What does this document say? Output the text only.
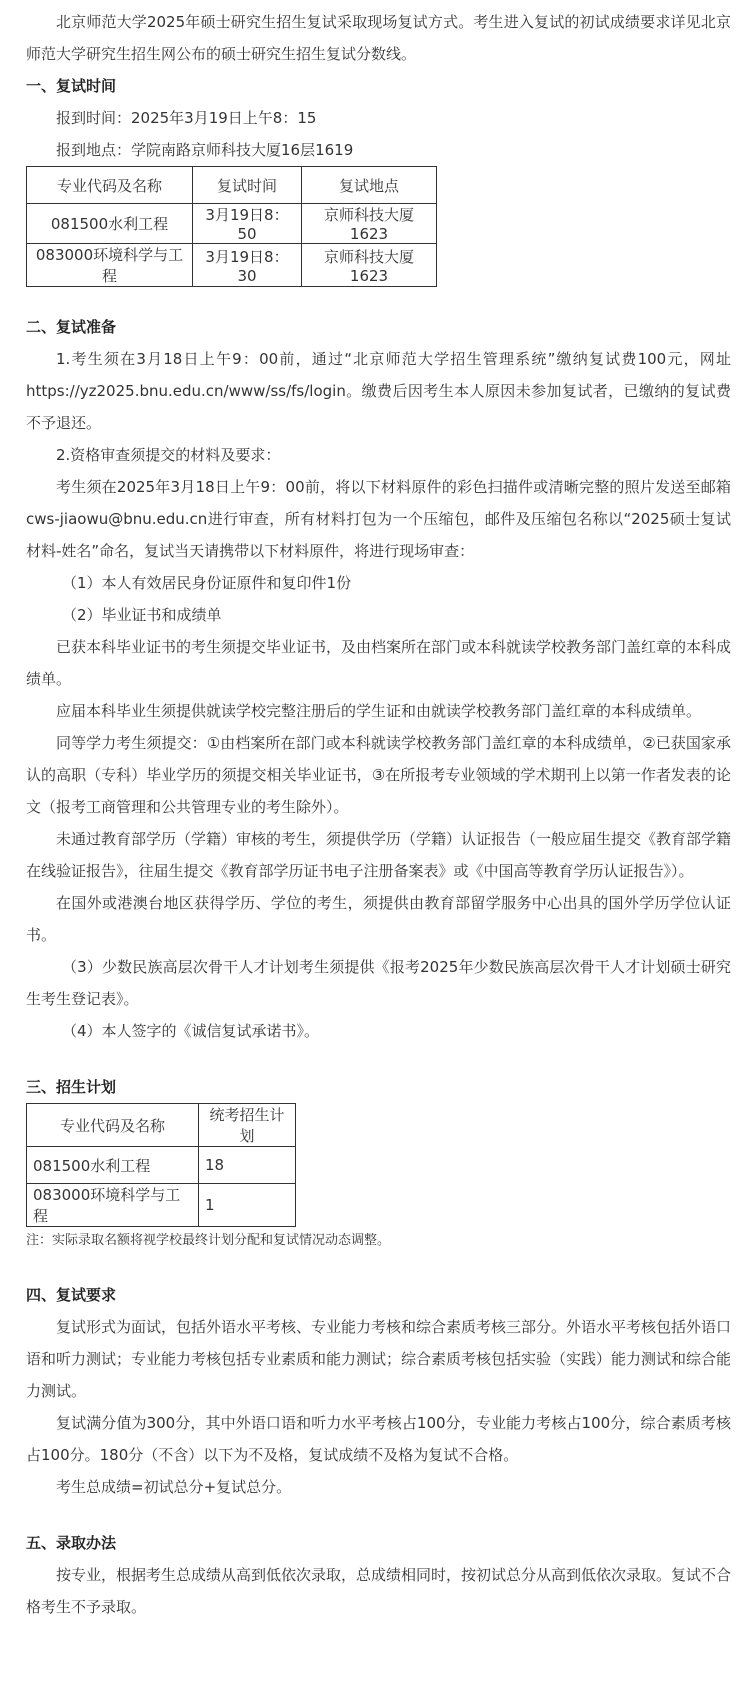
北京师范大学2025年硕士研究生招生复试采取现场复试方式。考生进入复试的初试成绩要求详见北京师范大学研究生招生网公布的硕士研究生招生复试分数线。

一、复试时间

报到时间：2025年3月19日上午8：15

报到地点：学院南路京师科技大厦16层1619

专业代码及名称	复试时间	复试地点
081500水利工程	3月19日8：50	京师科技大厦1623
083000环境科学与工程	3月19日8：30	京师科技大厦1623

二、复试准备

1.考生须在3月18日上午9：00前，通过“北京师范大学招生管理系统”缴纳复试费100元，网址https://yz2025.bnu.edu.cn/www/ss/fs/login。缴费后因考生本人原因未参加复试者，已缴纳的复试费不予退还。

2.资格审查须提交的材料及要求：

考生须在2025年3月18日上午9：00前，将以下材料原件的彩色扫描件或清晰完整的照片发送至邮箱cws-jiaowu@bnu.edu.cn进行审查，所有材料打包为一个压缩包，邮件及压缩包名称以“2025硕士复试材料-姓名”命名，复试当天请携带以下材料原件，将进行现场审查：

（1）本人有效居民身份证原件和复印件1份

（2）毕业证书和成绩单

已获本科毕业证书的考生须提交毕业证书，及由档案所在部门或本科就读学校教务部门盖红章的本科成绩单。

应届本科毕业生须提供就读学校完整注册后的学生证和由就读学校教务部门盖红章的本科成绩单。

同等学力考生须提交：①由档案所在部门或本科就读学校教务部门盖红章的本科成绩单，②已获国家承认的高职（专科）毕业学历的须提交相关毕业证书，③在所报考专业领域的学术期刊上以第一作者发表的论文（报考工商管理和公共管理专业的考生除外）。

未通过教育部学历（学籍）审核的考生，须提供学历（学籍）认证报告（一般应届生提交《教育部学籍在线验证报告》，往届生提交《教育部学历证书电子注册备案表》或《中国高等教育学历认证报告》）。

在国外或港澳台地区获得学历、学位的考生，须提供由教育部留学服务中心出具的国外学历学位认证书。

（3）少数民族高层次骨干人才计划考生须提供《报考2025年少数民族高层次骨干人才计划硕士研究生考生登记表》。

（4）本人签字的《诚信复试承诺书》。

三、招生计划

专业代码及名称	统考招生计划
081500水利工程	18
083000环境科学与工程	1

注：实际录取名额将视学校最终计划分配和复试情况动态调整。

四、复试要求

复试形式为面试，包括外语水平考核、专业能力考核和综合素质考核三部分。外语水平考核包括外语口语和听力测试；专业能力考核包括专业素质和能力测试；综合素质考核包括实验（实践）能力测试和综合能力测试。

复试满分值为300分，其中外语口语和听力水平考核占100分，专业能力考核占100分，综合素质考核占100分。180分（不含）以下为不及格，复试成绩不及格为复试不合格。

考生总成绩=初试总分+复试总分。

五、录取办法

按专业，根据考生总成绩从高到低依次录取，总成绩相同时，按初试总分从高到低依次录取。复试不合格考生不予录取。
